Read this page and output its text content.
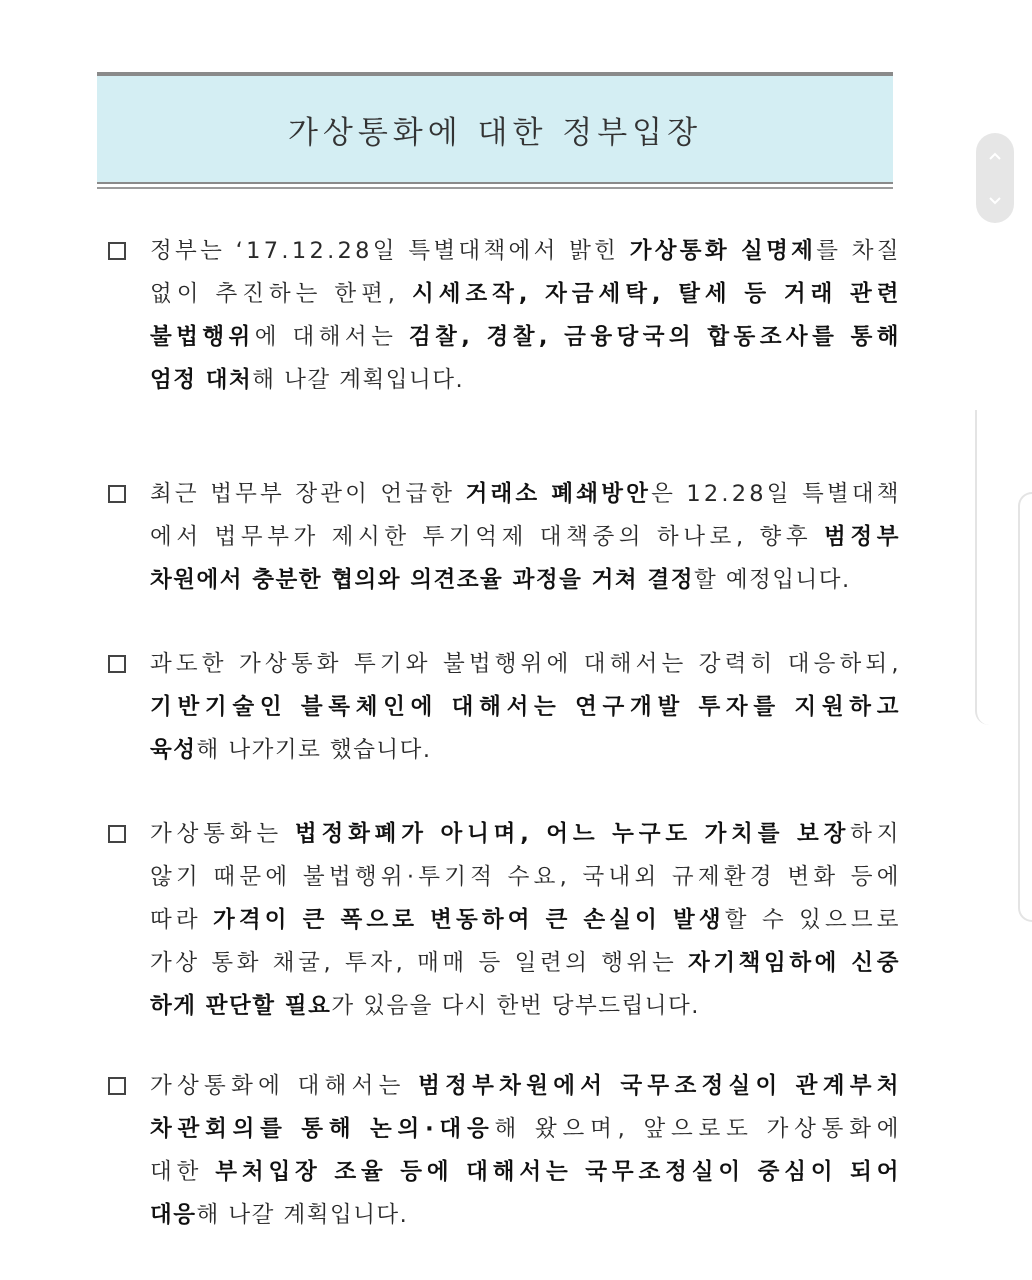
가상통화에 대한 정부입장
정부는 ‘17.12.28일 특별대책에서 밝힌 가상통화 실명제를 차질
없이 추진하는 한편, 시세조작, 자금세탁, 탈세 등 거래 관련
불법행위에 대해서는 검찰, 경찰, 금융당국의 합동조사를 통해
엄정 대처해 나갈 계획입니다.
최근 법무부 장관이 언급한 거래소 폐쇄방안은 12.28일 특별대책
에서 법무부가 제시한 투기억제 대책중의 하나로, 향후 범정부
차원에서 충분한 협의와 의견조율 과정을 거쳐 결정할 예정입니다.
과도한 가상통화 투기와 불법행위에 대해서는 강력히 대응하되,
기반기술인 블록체인에 대해서는 연구개발 투자를 지원하고
육성해 나가기로 했습니다.
가상통화는 법정화폐가 아니며, 어느 누구도 가치를 보장하지
않기 때문에 불법행위·투기적 수요, 국내외 규제환경 변화 등에
따라 가격이 큰 폭으로 변동하여 큰 손실이 발생할 수 있으므로
가상 통화 채굴, 투자, 매매 등 일련의 행위는 자기책임하에 신중
하게 판단할 필요가 있음을 다시 한번 당부드립니다.
가상통화에 대해서는 범정부차원에서 국무조정실이 관계부처
차관회의를 통해 논의·대응해 왔으며, 앞으로도 가상통화에
대한 부처입장 조율 등에 대해서는 국무조정실이 중심이 되어
대응해 나갈 계획입니다.
